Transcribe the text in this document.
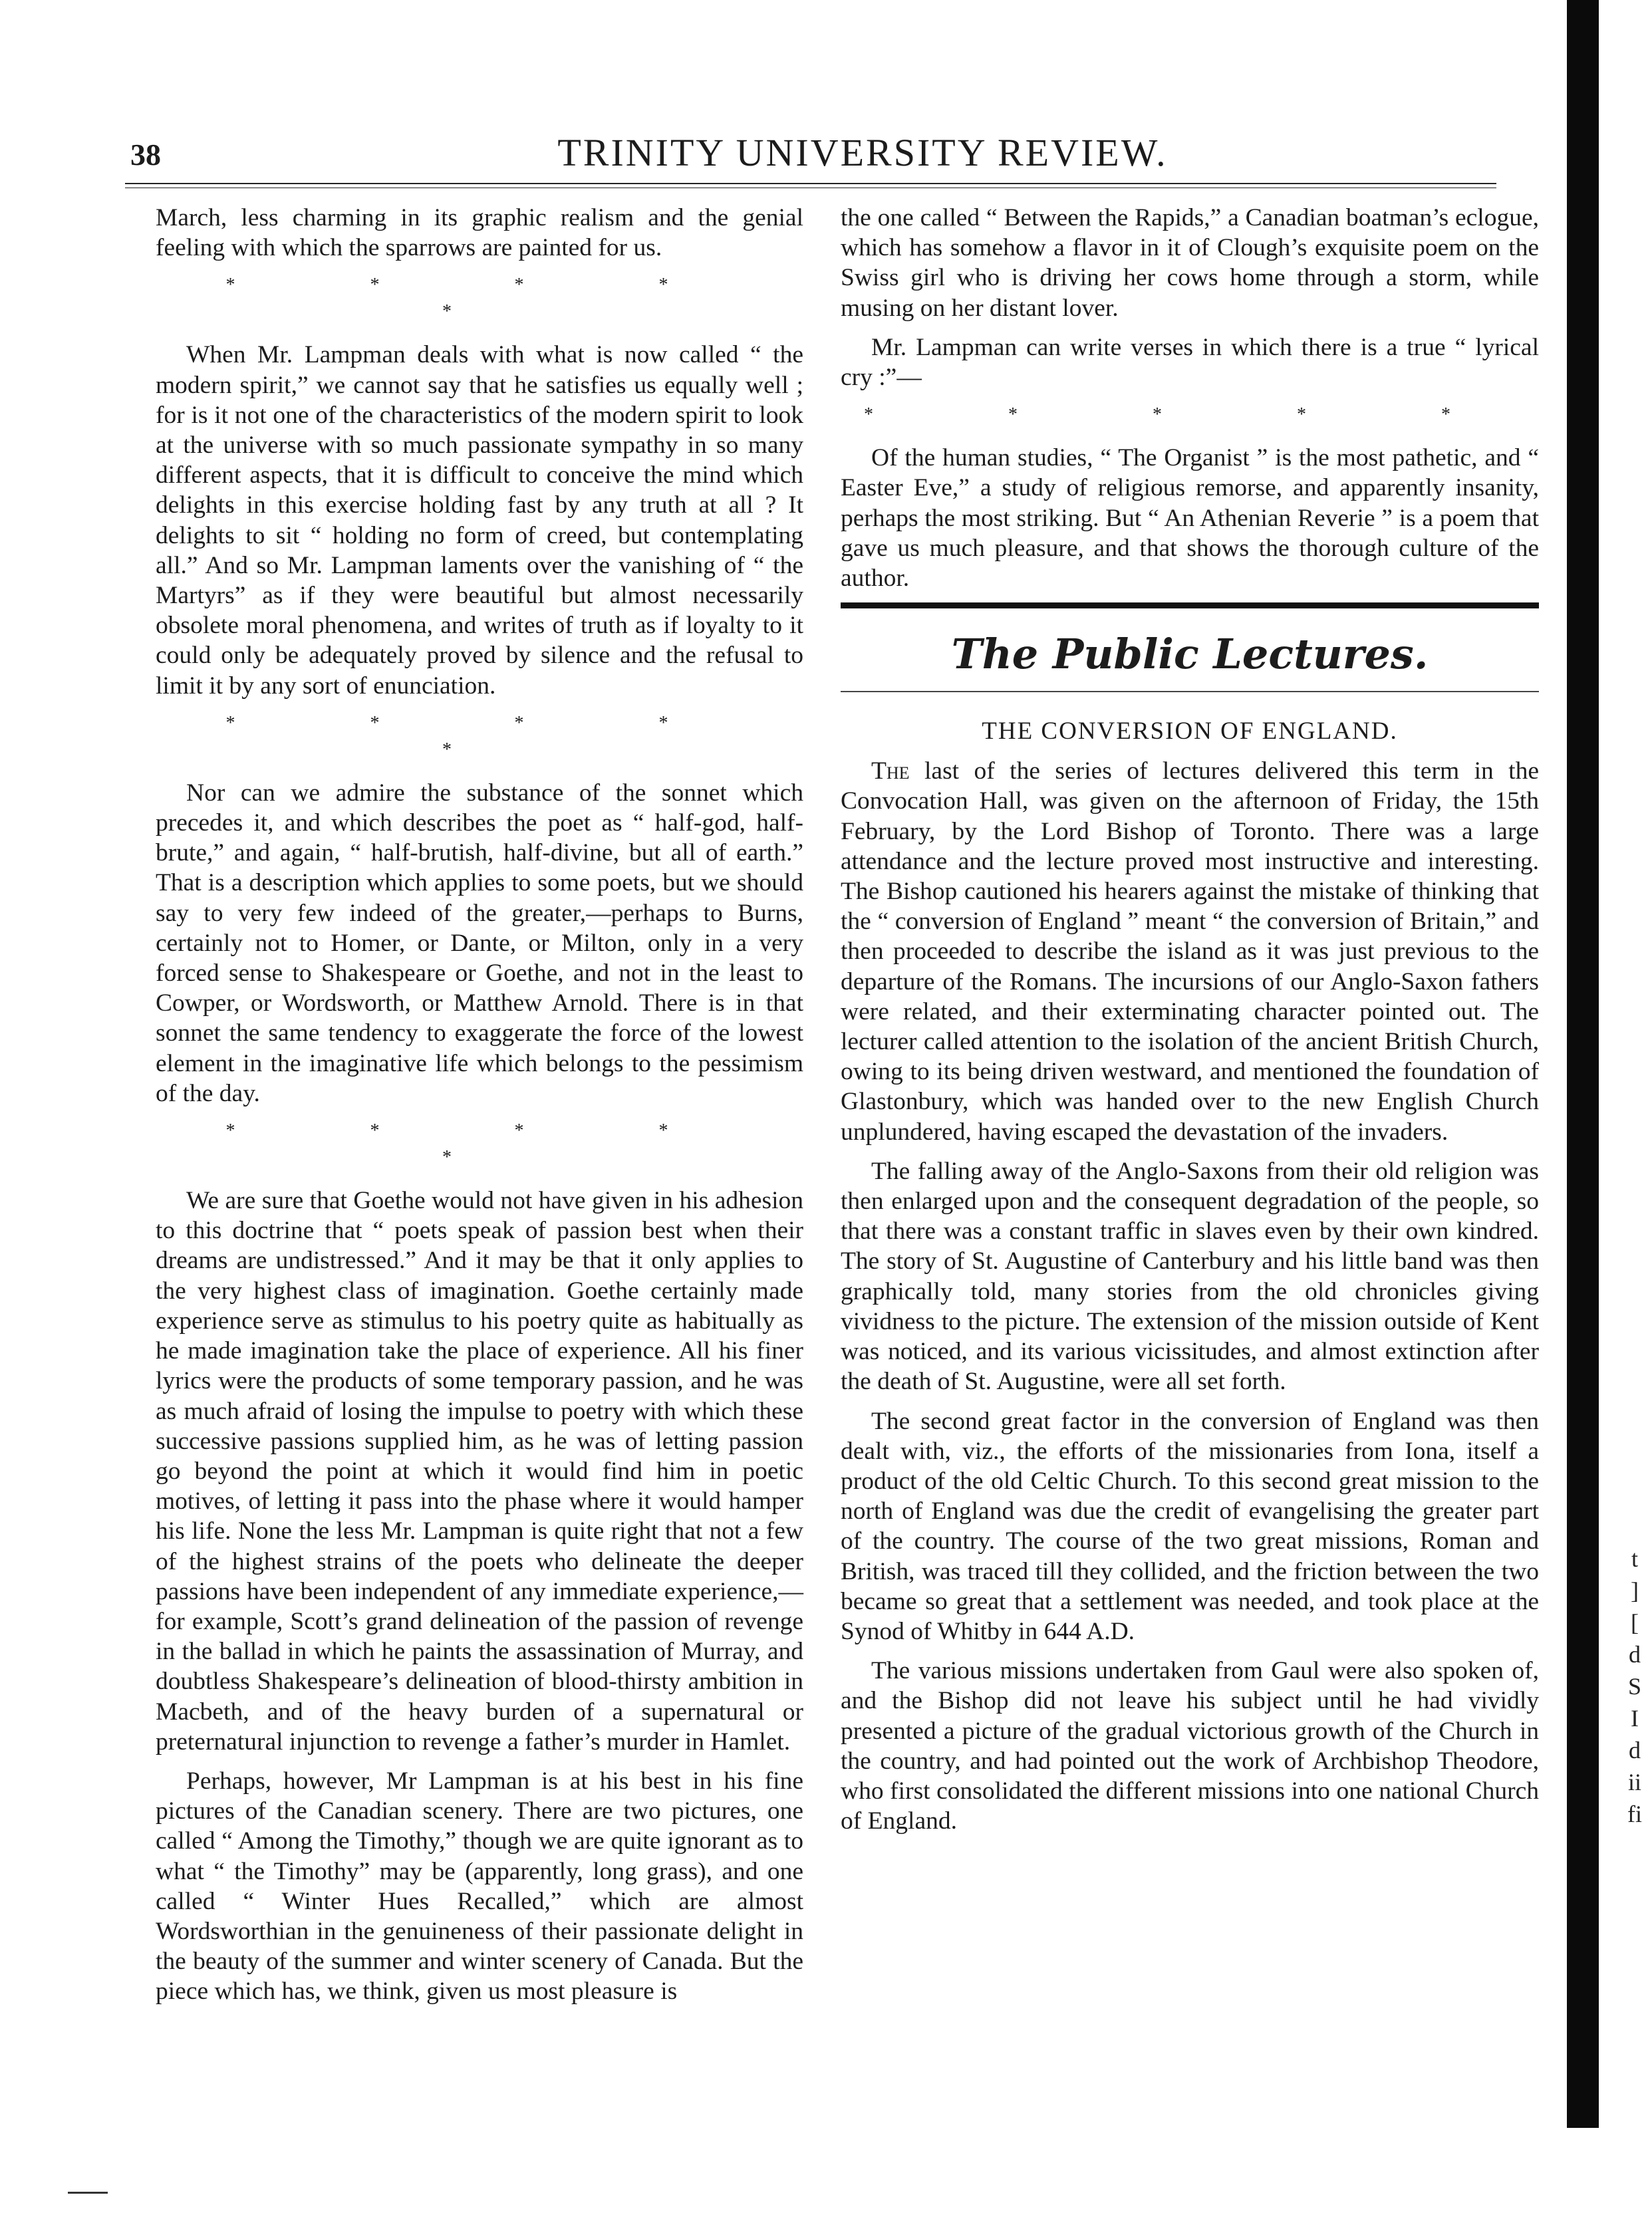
38	TRINITY UNIVERSITY REVIEW.

March, less charming in its graphic realism and the genial feeling with which the sparrows are painted for us.

* * * * *

When Mr. Lampman deals with what is now called “ the modern spirit,” we cannot say that he satisfies us equally well ; for is it not one of the characteristics of the modern spirit to look at the universe with so much passionate sympathy in so many different aspects, that it is difficult to conceive the mind which delights in this exercise holding fast by any truth at all ? It delights to sit “ holding no form of creed, but contemplating all.” And so Mr. Lampman laments over the vanishing of “ the Martyrs” as if they were beautiful but almost necessarily obsolete moral phenomena, and writes of truth as if loyalty to it could only be adequately proved by silence and the refusal to limit it by any sort of enunciation.

* * * * *

Nor can we admire the substance of the sonnet which precedes it, and which describes the poet as “ half-god, half-brute,” and again, “ half-brutish, half-divine, but all of earth.” That is a description which applies to some poets, but we should say to very few indeed of the greater,—perhaps to Burns, certainly not to Homer, or Dante, or Milton, only in a very forced sense to Shakespeare or Goethe, and not in the least to Cowper, or Wordsworth, or Matthew Arnold. There is in that sonnet the same tendency to exaggerate the force of the lowest element in the imaginative life which belongs to the pessimism of the day.

* * * * *

We are sure that Goethe would not have given in his adhesion to this doctrine that “ poets speak of passion best when their dreams are undistressed.” And it may be that it only applies to the very highest class of imagination. Goethe certainly made experience serve as stimulus to his poetry quite as habitually as he made imagination take the place of experience. All his finer lyrics were the products of some temporary passion, and he was as much afraid of losing the impulse to poetry with which these successive passions supplied him, as he was of letting passion go beyond the point at which it would find him in poetic motives, of letting it pass into the phase where it would hamper his life. None the less Mr. Lampman is quite right that not a few of the highest strains of the poets who delineate the deeper passions have been independent of any immediate experience,—for example, Scott’s grand delineation of the passion of revenge in the ballad in which he paints the assassination of Murray, and doubtless Shakespeare’s delineation of blood-thirsty ambition in Macbeth, and of the heavy burden of a supernatural or preternatural injunction to revenge a father’s murder in Hamlet.

Perhaps, however, Mr Lampman is at his best in his fine pictures of the Canadian scenery. There are two pictures, one called “ Among the Timothy,” though we are quite ignorant as to what “ the Timothy” may be (apparently, long grass), and one called “ Winter Hues Recalled,” which are almost Wordsworthian in the genuineness of their passionate delight in the beauty of the summer and winter scenery of Canada. But the piece which has, we think, given us most pleasure is

the one called “ Between the Rapids,” a Canadian boatman’s eclogue, which has somehow a flavor in it of Clough’s exquisite poem on the Swiss girl who is driving her cows home through a storm, while musing on her distant lover.

Mr. Lampman can write verses in which there is a true “ lyrical cry :”—

* * * * *

Of the human studies, “ The Organist ” is the most pathetic, and “ Easter Eve,” a study of religious remorse, and apparently insanity, perhaps the most striking. But “ An Athenian Reverie ” is a poem that gave us much pleasure, and that shows the thorough culture of the author.

The Public Lectures.
THE CONVERSION OF ENGLAND.

The last of the series of lectures delivered this term in the Convocation Hall, was given on the afternoon of Friday, the 15th February, by the Lord Bishop of Toronto. There was a large attendance and the lecture proved most instructive and interesting. The Bishop cautioned his hearers against the mistake of thinking that the “ conversion of England ” meant “ the conversion of Britain,” and then proceeded to describe the island as it was just previous to the departure of the Romans. The incursions of our Anglo-Saxon fathers were related, and their exterminating character pointed out. The lecturer called attention to the isolation of the ancient British Church, owing to its being driven westward, and mentioned the foundation of Glastonbury, which was handed over to the new English Church unplundered, having escaped the devastation of the invaders.

The falling away of the Anglo-Saxons from their old religion was then enlarged upon and the consequent degradation of the people, so that there was a constant traffic in slaves even by their own kindred. The story of St. Augustine of Canterbury and his little band was then graphically told, many stories from the old chronicles giving vividness to the picture. The extension of the mission outside of Kent was noticed, and its various vicissitudes, and almost extinction after the death of St. Augustine, were all set forth.

The second great factor in the conversion of England was then dealt with, viz., the efforts of the missionaries from Iona, itself a product of the old Celtic Church. To this second great mission to the north of England was due the credit of evangelising the greater part of the country. The course of the two great missions, Roman and British, was traced till they collided, and the friction between the two became so great that a settlement was needed, and took place at the Synod of Whitby in 644 A.D.

The various missions undertaken from Gaul were also spoken of, and the Bishop did not leave his subject until he had vividly presented a picture of the gradual victorious growth of the Church in the country, and had pointed out the work of Archbishop Theodore, who first consolidated the different missions into one national Church of England.

t
]
[
d
S
I
d
ii
fi
